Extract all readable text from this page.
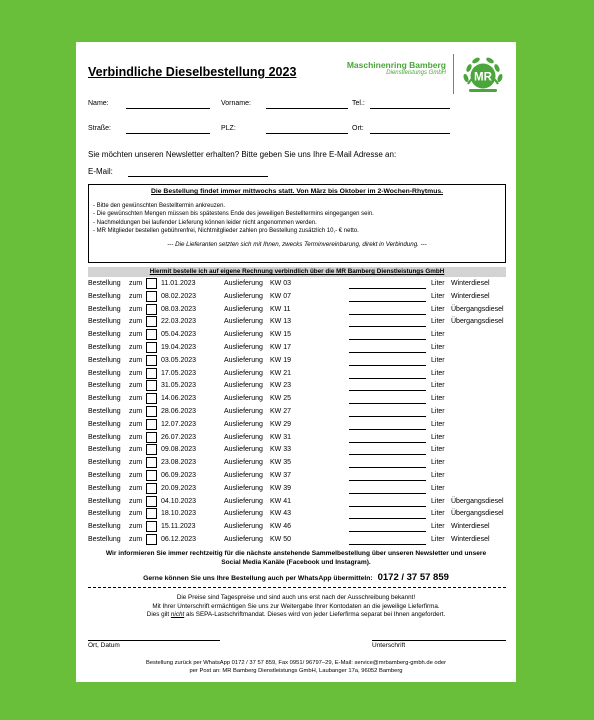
Verbindliche Dieselbestellung 2023	Maschinenring Bamberg
Dienstleistungs GmbH MR
Name:	Vorname:	Tel.:
Straße:	PLZ:	Ort:
Sie möchten unseren Newsletter erhalten? Bitte geben Sie uns Ihre E-Mail Adresse an:
E-Mail:
Die Bestellung findet immer mittwochs statt. Von März bis Oktober im 2-Wochen-Rhytmus.
- Bitte den gewünschten Bestelltermin ankreuzen.
- Die gewünschten Mengen müssen bis spätestens Ende des jeweiligen Bestelltermins eingegangen sein.
- Nachmeldungen bei laufender Lieferung können leider nicht angenommen werden.
- MR Mitglieder bestellen gebührenfrei, Nichtmitglieder zahlen pro Bestellung zusätzlich 10,- € netto.
--- Die Lieferanten setzten sich mit Ihnen, zwecks Terminvereinbarung, direkt in Verbindung. ---
Hiermit bestelle ich auf eigene Rechnung verbindlich über die MR Bamberg Dienstleistungs GmbH
Bestellung zum	11.01.2023	Auslieferung KW 03	Liter Winterdiesel
Bestellung zum	08.02.2023	Auslieferung KW 07	Liter Winterdiesel
Bestellung zum	08.03.2023	Auslieferung KW 11	Liter Übergangsdiesel
Bestellung zum	22.03.2023	Auslieferung KW 13	Liter Übergangsdiesel
Bestellung zum	05.04.2023	Auslieferung KW 15	Liter
Bestellung zum	19.04.2023	Auslieferung KW 17	Liter
Bestellung zum	03.05.2023	Auslieferung KW 19	Liter
Bestellung zum	17.05.2023	Auslieferung KW 21	Liter
Bestellung zum	31.05.2023	Auslieferung KW 23	Liter
Bestellung zum	14.06.2023	Auslieferung KW 25	Liter
Bestellung zum	28.06.2023	Auslieferung KW 27	Liter
Bestellung zum	12.07.2023	Auslieferung KW 29	Liter
Bestellung zum	26.07.2023	Auslieferung KW 31	Liter
Bestellung zum	09.08.2023	Auslieferung KW 33	Liter
Bestellung zum	23.08.2023	Auslieferung KW 35	Liter
Bestellung zum	06.09.2023	Auslieferung KW 37	Liter
Bestellung zum	20.09.2023	Auslieferung KW 39	Liter
Bestellung zum	04.10.2023	Auslieferung KW 41	Liter Übergangsdiesel
Bestellung zum	18.10.2023	Auslieferung KW 43	Liter Übergangsdiesel
Bestellung zum	15.11.2023	Auslieferung KW 46	Liter Winterdiesel
Bestellung zum	06.12.2023	Auslieferung KW 50	Liter Winterdiesel
Wir informieren Sie immer rechtzeitig für die nächste anstehende Sammelbestellung über unseren Newsletter und unsere Social Media Kanäle (Facebook und Instagram).
Gerne können Sie uns Ihre Bestellung auch per WhatsApp übermitteln: 0172 / 37 57 859
Die Preise sind Tagespreise und sind auch uns erst nach der Ausschreibung bekannt!
Mit Ihrer Unterschrift ermächtigen Sie uns zur Weitergabe Ihrer Kontodaten an die jeweilige Lieferfirma.
Dies gilt nicht als SEPA-Lastschriftmandat. Dieses wird von jeder Lieferfirma separat bei Ihnen angefordert.
Ort, Datum	Unterschrift
Bestellung zurück per WhatsApp 0172 / 37 57 859, Fax 0951/ 96797–29, E-Mail: service@mrbamberg-gmbh.de oder
per Post an: MR Bamberg Dienstleistungs GmbH, Laubanger 17a, 96052 Bamberg
